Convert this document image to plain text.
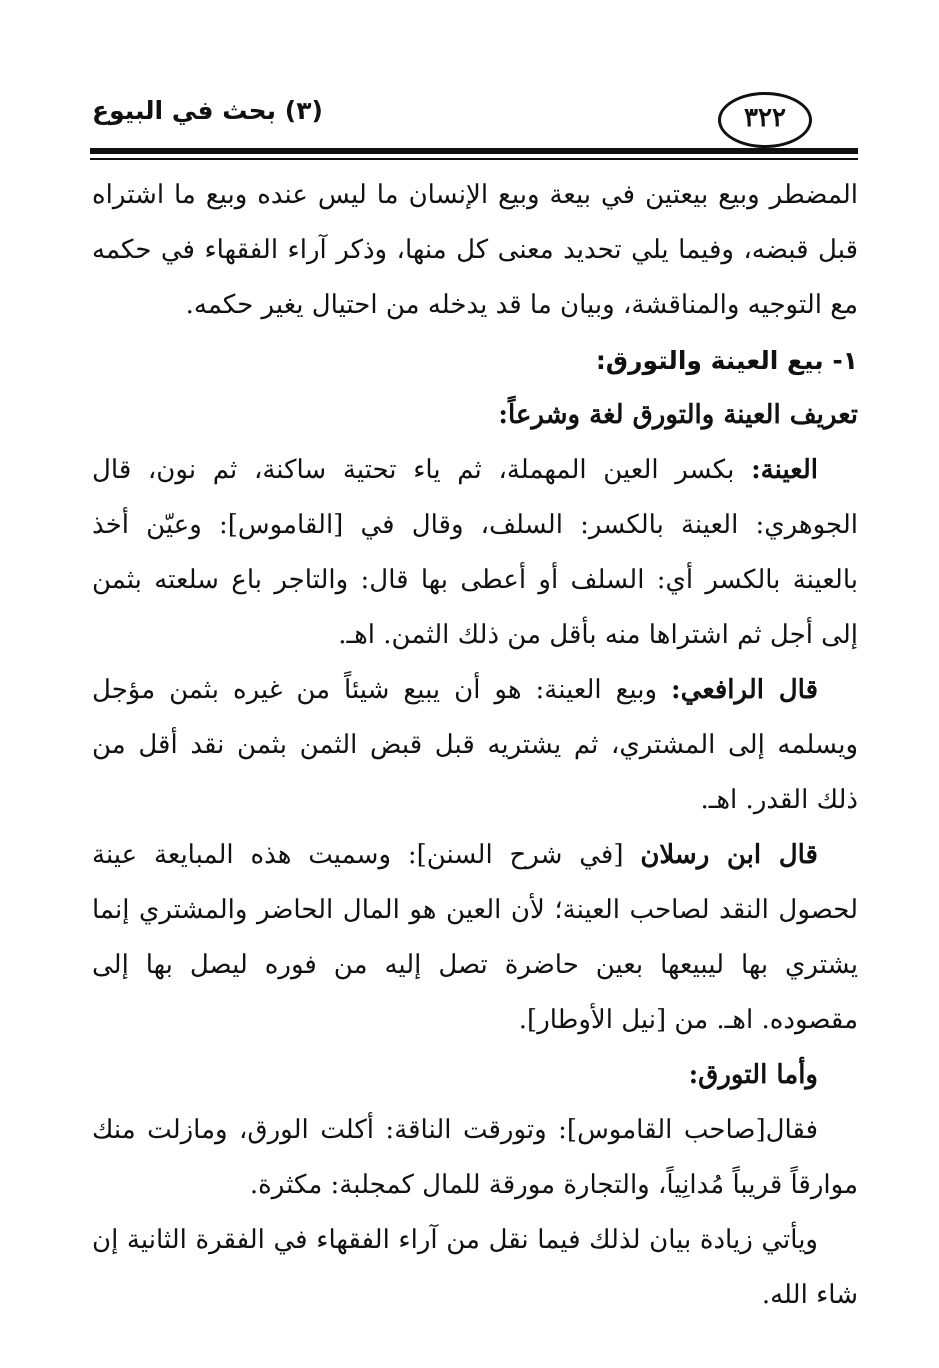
(٣) بحث في البيوع	٣٢٢

المضطر وبيع بيعتين في بيعة وبيع الإنسان ما ليس عنده وبيع ما اشتراه قبل قبضه، وفيما يلي تحديد معنى كل منها، وذكر آراء الفقهاء في حكمه مع التوجيه والمناقشة، وبيان ما قد يدخله من احتيال يغير حكمه.

١- بيع العينة والتورق:

تعريف العينة والتورق لغة وشرعاً:

العينة: بكسر العين المهملة، ثم ياء تحتية ساكنة، ثم نون، قال الجوهري: العينة بالكسر: السلف، وقال في [القاموس]: وعيّن أخذ بالعينة بالكسر أي: السلف أو أعطى بها قال: والتاجر باع سلعته بثمن إلى أجل ثم اشتراها منه بأقل من ذلك الثمن. اهـ.

قال الرافعي: وبيع العينة: هو أن يبيع شيئاً من غيره بثمن مؤجل ويسلمه إلى المشتري، ثم يشتريه قبل قبض الثمن بثمن نقد أقل من ذلك القدر. اهـ.

قال ابن رسلان [في شرح السنن]: وسميت هذه المبايعة عينة لحصول النقد لصاحب العينة؛ لأن العين هو المال الحاضر والمشتري إنما يشتري بها ليبيعها بعين حاضرة تصل إليه من فوره ليصل بها إلى مقصوده. اهـ. من [نيل الأوطار].

وأما التورق:

فقال[صاحب القاموس]: وتورقت الناقة: أكلت الورق، ومازلت منك موارقاً قريباً مُدانِياً، والتجارة مورقة للمال كمجلبة: مكثرة.

ويأتي زيادة بيان لذلك فيما نقل من آراء الفقهاء في الفقرة الثانية إن شاء الله.
